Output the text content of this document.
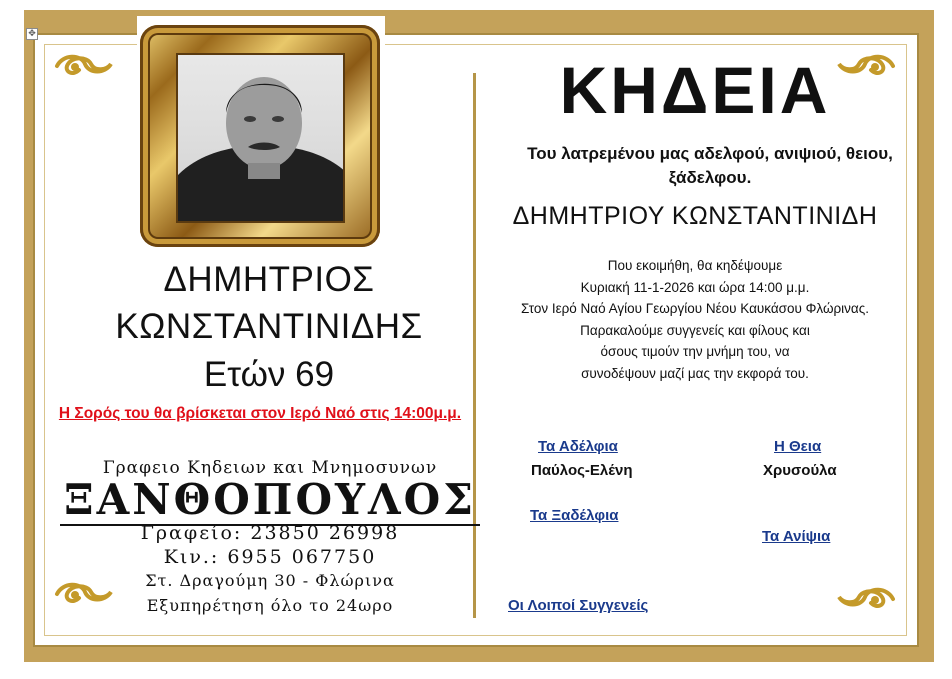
✥
ΔΗΜΗΤΡΙΟΣ
ΚΩΝΣΤΑΝΤΙΝΙΔΗΣ
Ετών 69
Η Σορός του θα βρίσκεται στον Ιερό Ναό στις 14:00μ.μ.
Γραφειο Κηδειων και Μνημοσυνων
ΞΑΝΘΟΠΟΥΛΟΣ
Γραφείο: 23850 26998
Κιν.: 6955 067750
Στ. Δραγούμη 30 - Φλώρινα
Εξυπηρέτηση όλο το 24ωρο
ΚΗΔΕΙΑ
Του λατρεμένου μας αδελφού, ανιψιού, θειου,
ξάδελφου.
ΔΗΜΗΤΡΙΟΥ ΚΩΝΣΤΑΝΤΙΝΙΔΗ
Που εκοιμήθη, θα κηδέψουμε
Κυριακή 11-1-2026 και ώρα 14:00 μ.μ.
Στον Ιερό Ναό Αγίου Γεωργίου Νέου Καυκάσου Φλώρινας.
Παρακαλούμε συγγενείς και φίλους και
όσους τιμούν την μνήμη του, να
συνοδέψουν μαζί μας την εκφορά του.
Τα Αδέλφια
Παύλος-Ελένη
Η Θεια
Χρυσούλα
Τα Ξαδέλφια
Τα Ανίψια
Οι Λοιποί Συγγενείς
